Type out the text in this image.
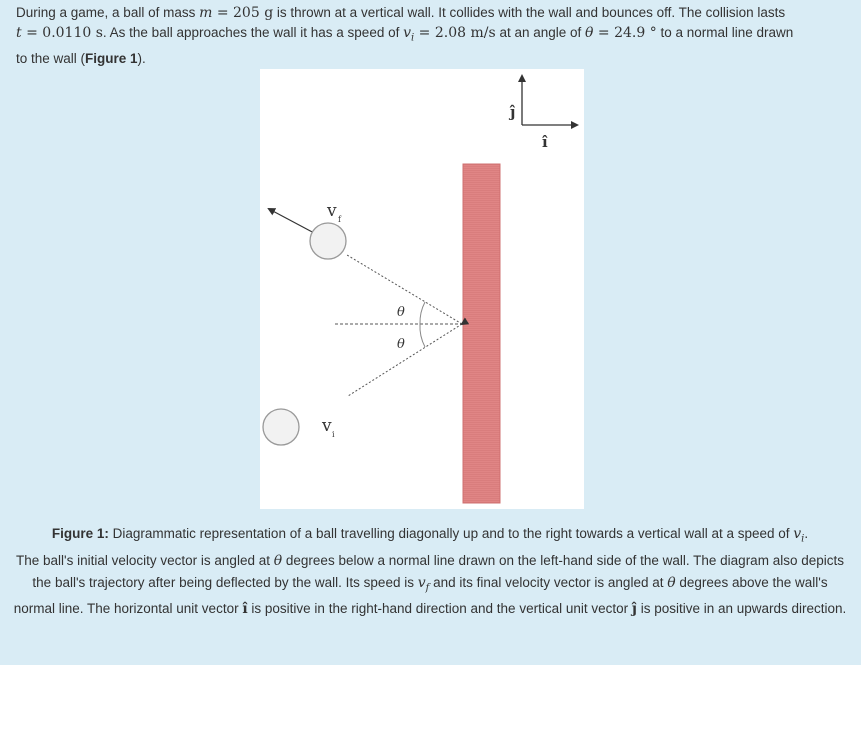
During a game, a ball of mass m = 205 g is thrown at a vertical wall. It collides with the wall and bounces off. The collision lasts
t = 0.0110 s. As the ball approaches the wall it has a speed of $v_i = 2.08$ m/s at an angle of θ = 24.9 ° to a normal line drawn
to the wall (Figure 1).
ĵ
î
θ
θ
v f
v i
Figure 1: Diagrammatic representation of a ball travelling diagonally up and to the right towards a vertical wall at a speed of $v_i$.
The ball's initial velocity vector is angled at θ degrees below a normal line drawn on the left-hand side of the wall. The diagram also depicts the ball's trajectory after being deflected by the wall. Its speed is $v_f$ and its final velocity vector is angled at θ degrees above the wall's normal line. The horizontal unit vector î is positive in the right-hand direction and the vertical unit vector ĵ is positive in an upwards direction.
